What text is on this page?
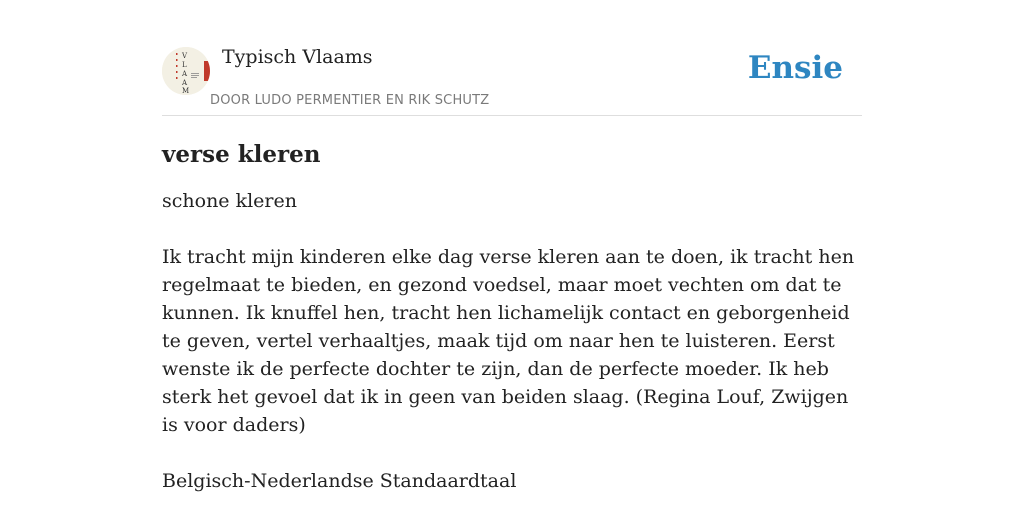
V
L
A
A
M
Typisch Vlaams
DOOR LUDO PERMENTIER EN RIK SCHUTZ
Ensie
verse kleren

schone kleren

Ik tracht mijn kinderen elke dag verse kleren aan te doen, ik tracht hen regelmaat te bieden, en gezond voedsel, maar moet vechten om dat te kunnen. Ik knuffel hen, tracht hen lichamelijk contact en geborgenheid te geven, vertel verhaaltjes, maak tijd om naar hen te luisteren. Eerst wenste ik de perfecte dochter te zijn, dan de perfecte moeder. Ik heb sterk het gevoel dat ik in geen van beiden slaag. (Regina Louf, Zwijgen is voor daders)

Belgisch-Nederlandse Standaardtaal
